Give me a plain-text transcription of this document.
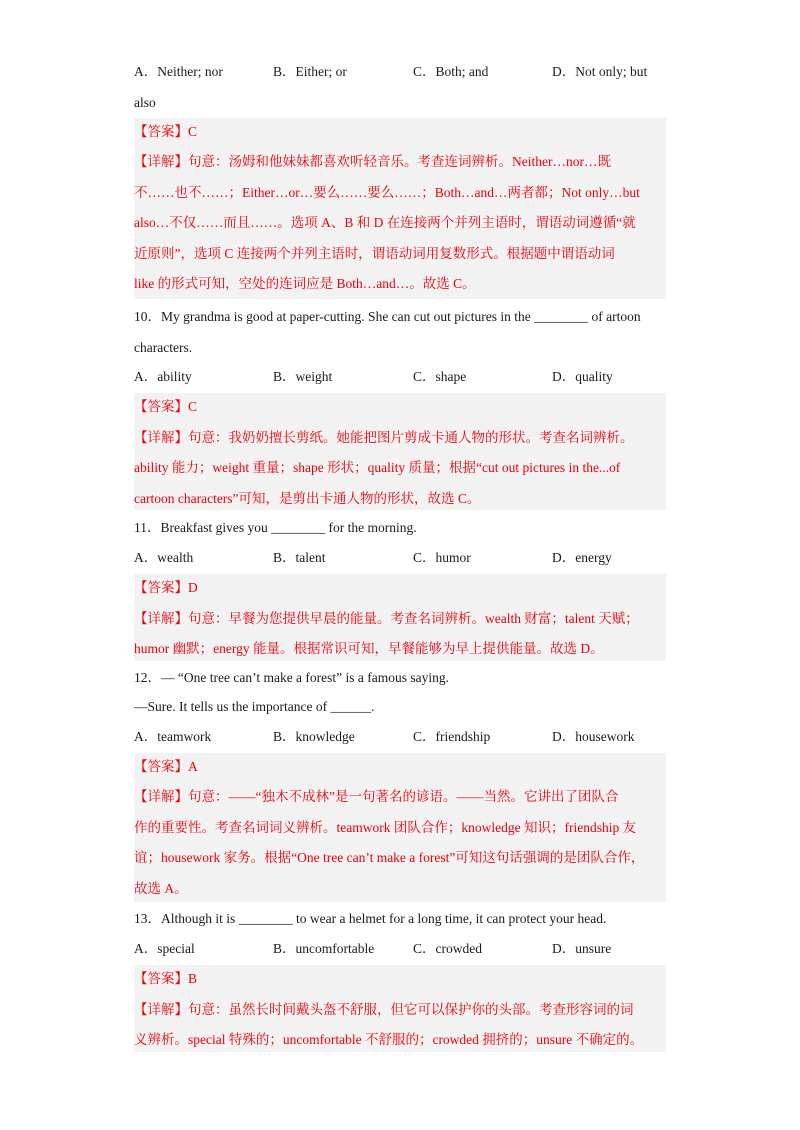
A．Neither; nor	B．Either; or	C．Both; and	D．Not only; but
also
【答案】C
【详解】句意：汤姆和他妹妹都喜欢听轻音乐。考查连词辨析。Neither…nor…既
不……也不……；Either…or…要么……要么……；Both…and…两者都；Not only…but
also…不仅……而且……。选项 A、B 和 D 在连接两个并列主语时，谓语动词遵循“就
近原则”，选项 C 连接两个并列主语时，谓语动词用复数形式。根据题中谓语动词
like 的形式可知，空处的连词应是 Both…and…。故选 C。
10．My grandma is good at paper-cutting. She can cut out pictures in the ________ of artoon
characters.
A．ability	B．weight	C．shape	D．quality
【答案】C
【详解】句意：我奶奶擅长剪纸。她能把图片剪成卡通人物的形状。考查名词辨析。
ability 能力；weight 重量；shape 形状；quality 质量；根据“cut out pictures in the...of
cartoon characters”可知，是剪出卡通人物的形状，故选 C。
11．Breakfast gives you ________ for the morning.
A．wealth	B．talent	C．humor	D．energy
【答案】D
【详解】句意：早餐为您提供早晨的能量。考查名词辨析。wealth 财富；talent 天赋；
humor 幽默；energy 能量。根据常识可知，早餐能够为早上提供能量。故选 D。
12．— “One tree can’t make a forest” is a famous saying.
—Sure. It tells us the importance of ______.
A．teamwork	B．knowledge	C．friendship	D．housework
【答案】A
【详解】句意：——“独木不成林”是一句著名的谚语。——当然。它讲出了团队合
作的重要性。考查名词词义辨析。teamwork 团队合作；knowledge 知识；friendship 友
谊；housework 家务。根据“One tree can’t make a forest”可知这句话强调的是团队合作，
故选 A。
13．Although it is ________ to wear a helmet for a long time, it can protect your head.
A．special	B．uncomfortable	C．crowded	D．unsure
【答案】B
【详解】句意：虽然长时间戴头盔不舒服，但它可以保护你的头部。考查形容词的词
义辨析。special 特殊的；uncomfortable 不舒服的；crowded 拥挤的；unsure 不确定的。
